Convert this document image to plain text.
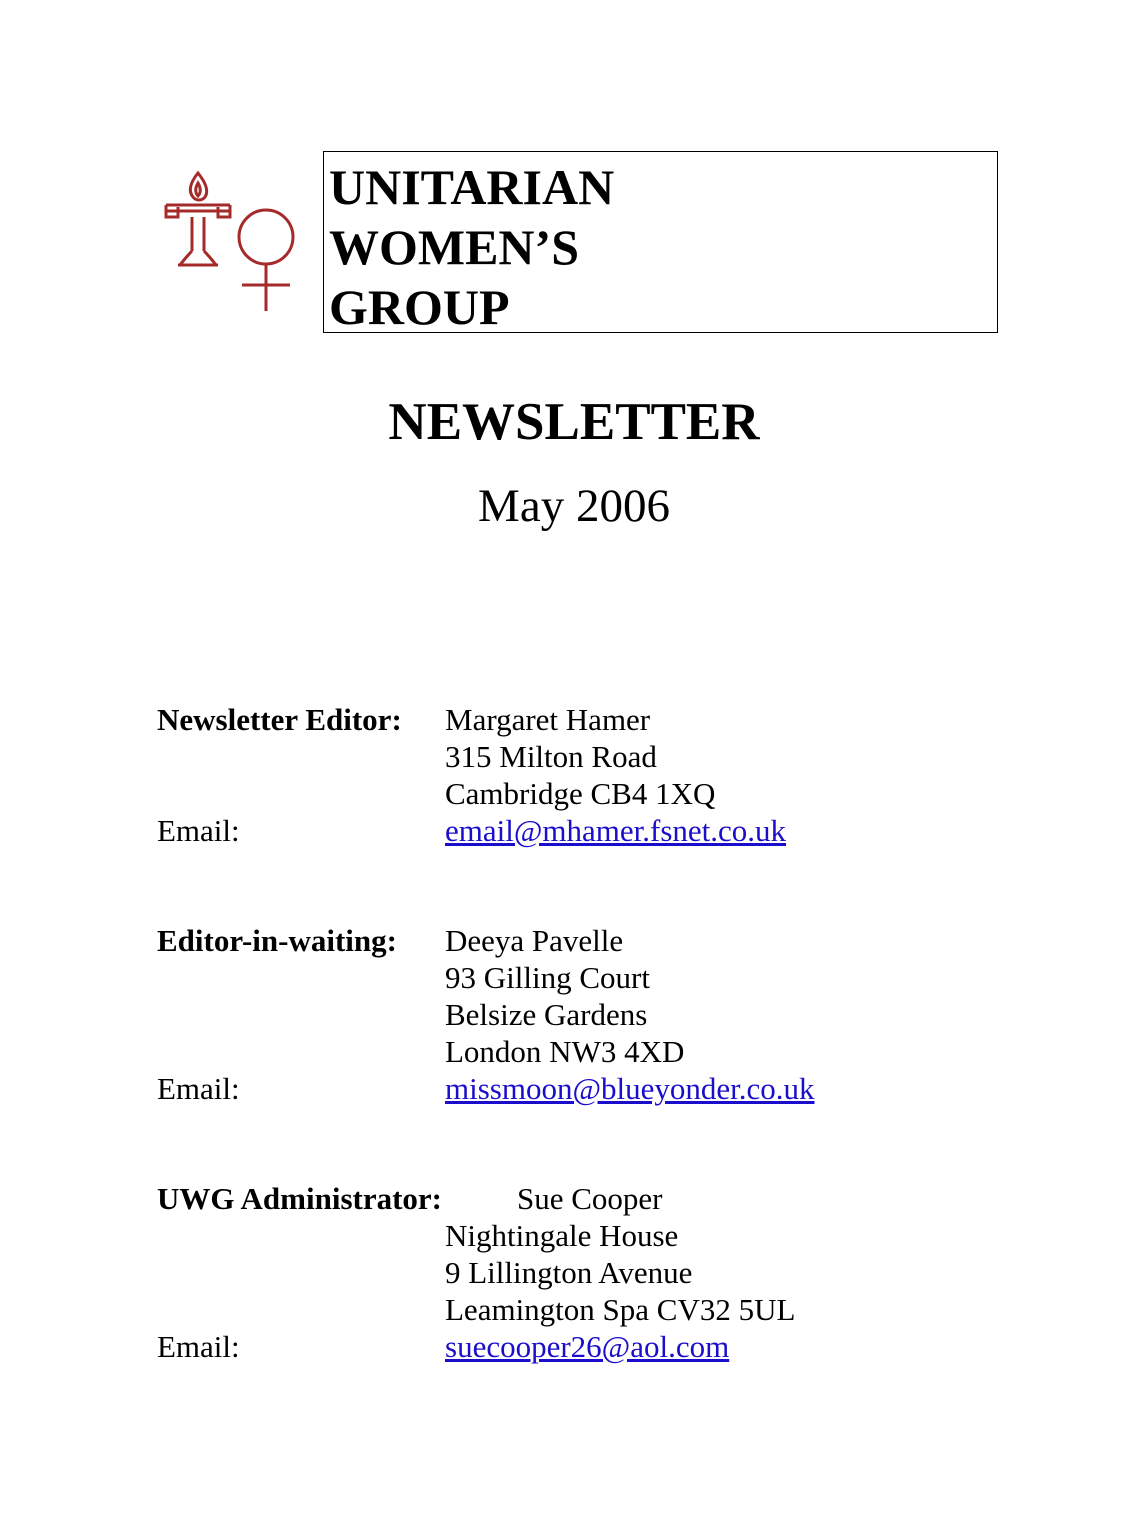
UNITARIAN
WOMEN’S
GROUP
NEWSLETTER
May 2006
Newsletter Editor: Margaret Hamer
315 Milton Road
Cambridge CB4 1XQ
Email:	email@mhamer.fsnet.co.uk
Editor-in-waiting: Deeya Pavelle
93 Gilling Court
Belsize Gardens
London NW3 4XD
Email:	missmoon@blueyonder.co.uk
UWG Administrator: Sue Cooper
Nightingale House
9 Lillington Avenue
Leamington Spa CV32 5UL
Email:	suecooper26@aol.com
